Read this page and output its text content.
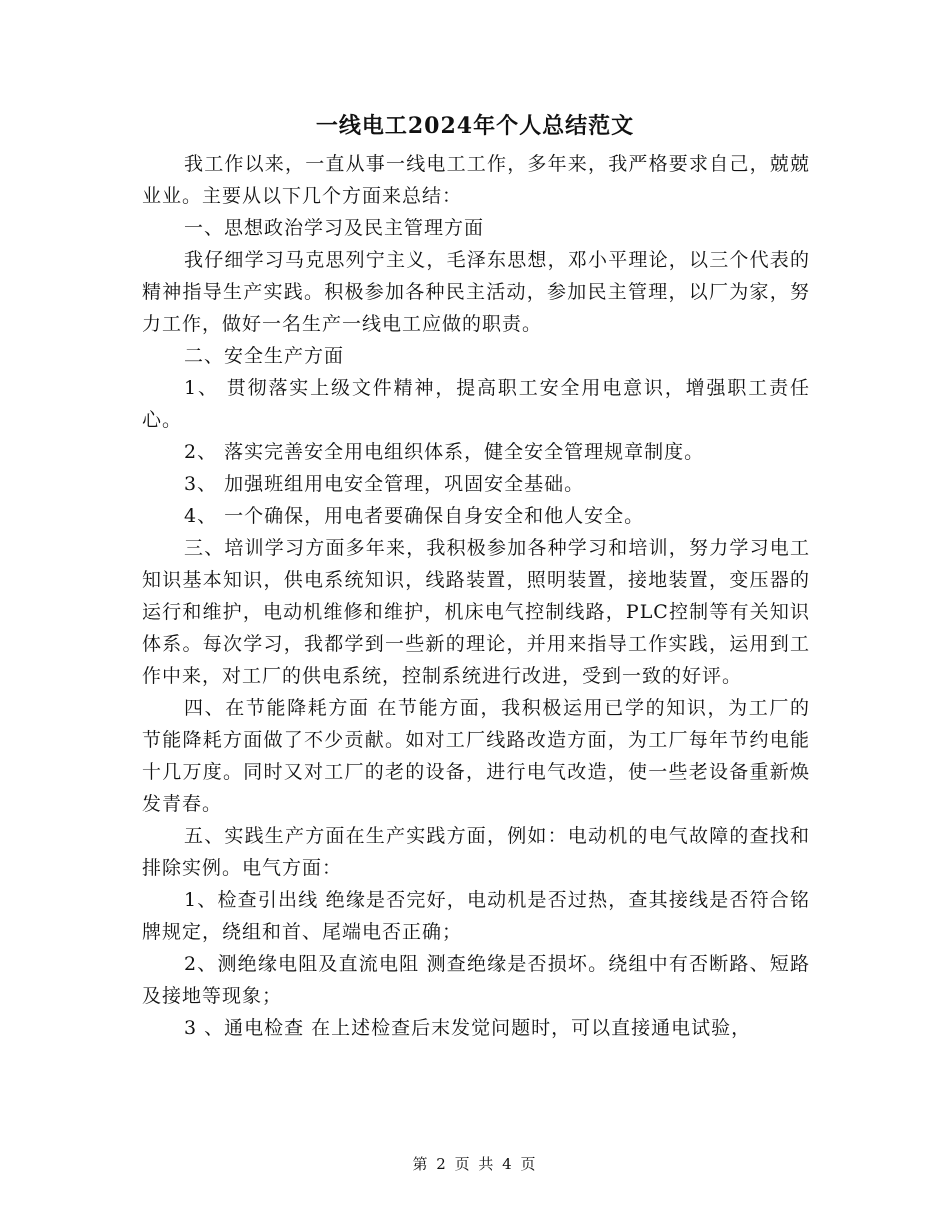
一线电工2024年个人总结范文

我工作以来，一直从事一线电工工作，多年来，我严格要求自己，兢兢业业。主要从以下几个方面来总结：

一、思想政治学习及民主管理方面

我仔细学习马克思列宁主义，毛泽东思想，邓小平理论，以三个代表的精神指导生产实践。积极参加各种民主活动，参加民主管理，以厂为家，努力工作，做好一名生产一线电工应做的职责。

二、安全生产方面

1、 贯彻落实上级文件精神，提高职工安全用电意识，增强职工责任心。

2、 落实完善安全用电组织体系，健全安全管理规章制度。

3、 加强班组用电安全管理，巩固安全基础。

4、 一个确保，用电者要确保自身安全和他人安全。

三、培训学习方面多年来，我积极参加各种学习和培训，努力学习电工知识基本知识，供电系统知识，线路装置，照明装置，接地装置，变压器的运行和维护，电动机维修和维护，机床电气控制线路，PLC控制等有关知识体系。每次学习，我都学到一些新的理论，并用来指导工作实践，运用到工作中来，对工厂的供电系统，控制系统进行改进，受到一致的好评。

四、在节能降耗方面 在节能方面，我积极运用已学的知识，为工厂的节能降耗方面做了不少贡献。如对工厂线路改造方面，为工厂每年节约电能十几万度。同时又对工厂的老的设备，进行电气改造，使一些老设备重新焕发青春。

五、实践生产方面在生产实践方面，例如：电动机的电气故障的查找和排除实例。电气方面：

1、检查引出线 绝缘是否完好，电动机是否过热，查其接线是否符合铭牌规定，绕组和首、尾端电否正确；

2、测绝缘电阻及直流电阻 测查绝缘是否损坏。绕组中有否断路、短路及接地等现象；

3 、通电检查 在上述检查后末发觉问题时，可以直接通电试验，

第 2 页 共 4 页
